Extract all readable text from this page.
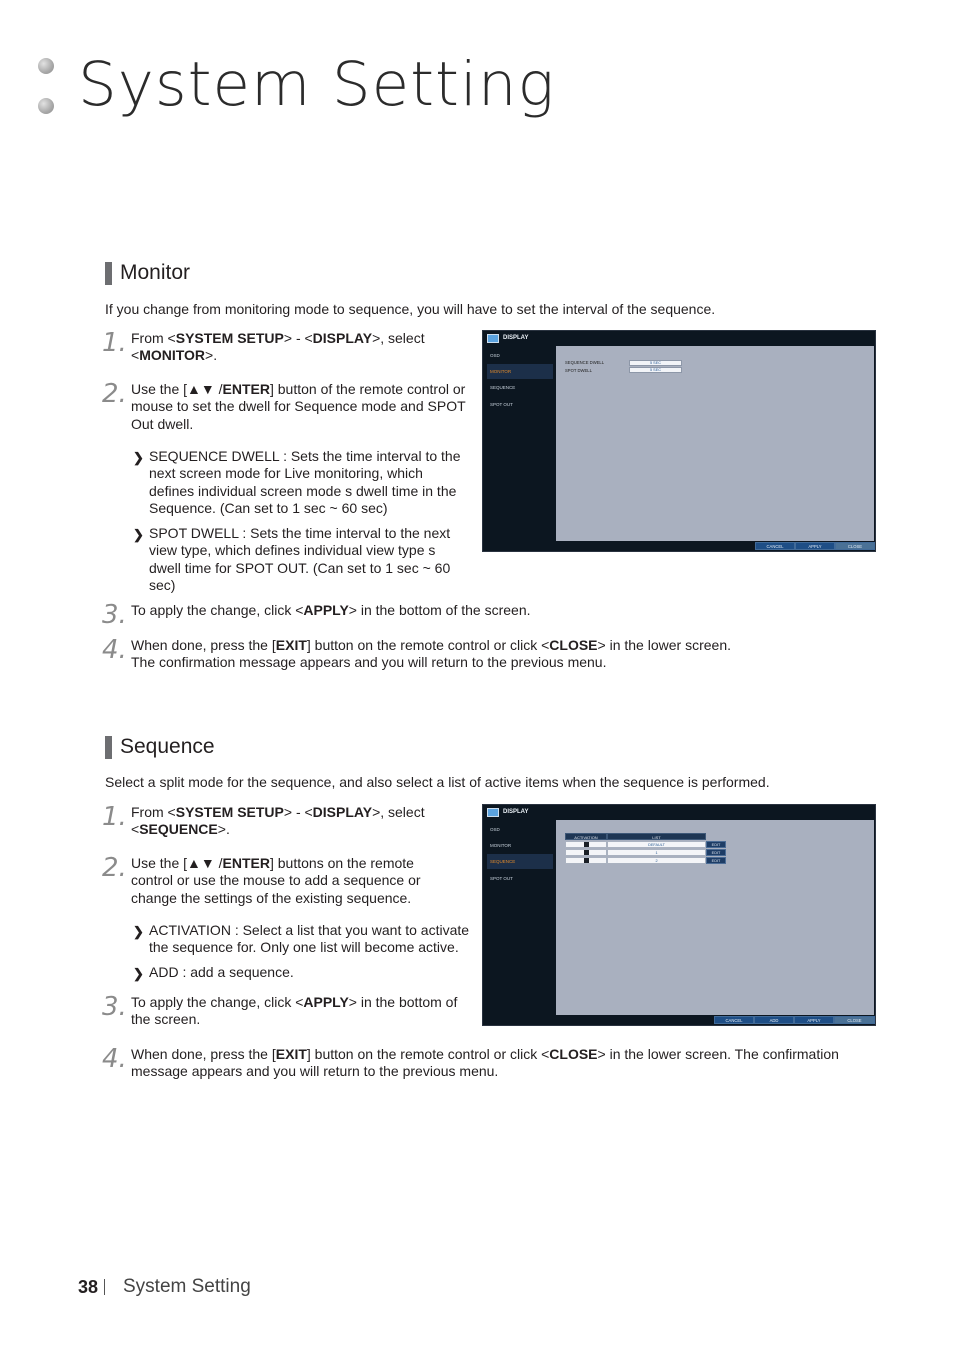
System Setting
Monitor
If you change from monitoring mode to sequence, you will have to set the interval of the sequence.
1. From <SYSTEM SETUP> - <DISPLAY>, select <MONITOR>.
2. Use the [▲▼ /ENTER] button of the remote control or mouse to set the dwell for Sequence mode and SPOT Out dwell.
❯ SEQUENCE DWELL : Sets the time interval to the next screen mode for Live monitoring, which defines individual screen mode s dwell time in the Sequence. (Can set to 1 sec ~ 60 sec)
❯ SPOT DWELL : Sets the time interval to the next view type, which defines individual view type s dwell time for SPOT OUT. (Can set to 1 sec ~ 60 sec)
3. To apply the change, click <APPLY> in the bottom of the screen.
4. When done, press the [EXIT] button on the remote control or click <CLOSE> in the lower screen.
The confirmation message appears and you will return to the previous menu.
DISPLAY
OSD
MONITOR
SEQUENCE
SPOT OUT
SEQUENCE DWELL	5 SEC
SPOT DWELL	5 SEC
CANCEL	APPLY	CLOSE
Sequence
Select a split mode for the sequence, and also select a list of active items when the sequence is performed.
1. From <SYSTEM SETUP> - <DISPLAY>, select <SEQUENCE>.
2. Use the [▲▼ /ENTER] buttons on the remote control or use the mouse to add a sequence or change the settings of the existing sequence.
❯ ACTIVATION : Select a list that you want to activate the sequence for. Only one list will become active.
❯ ADD : add a sequence.
3. To apply the change, click <APPLY> in the bottom of the screen.
4. When done, press the [EXIT] button on the remote control or click <CLOSE> in the lower screen. The confirmation message appears and you will return to the previous menu.
DISPLAY
OSD
MONITOR
SEQUENCE
SPOT OUT
ACTIVATION	LIST
DEFAULT	EDIT
1	EDIT
2	EDIT
CANCEL	ADD	APPLY	CLOSE
38 System Setting
